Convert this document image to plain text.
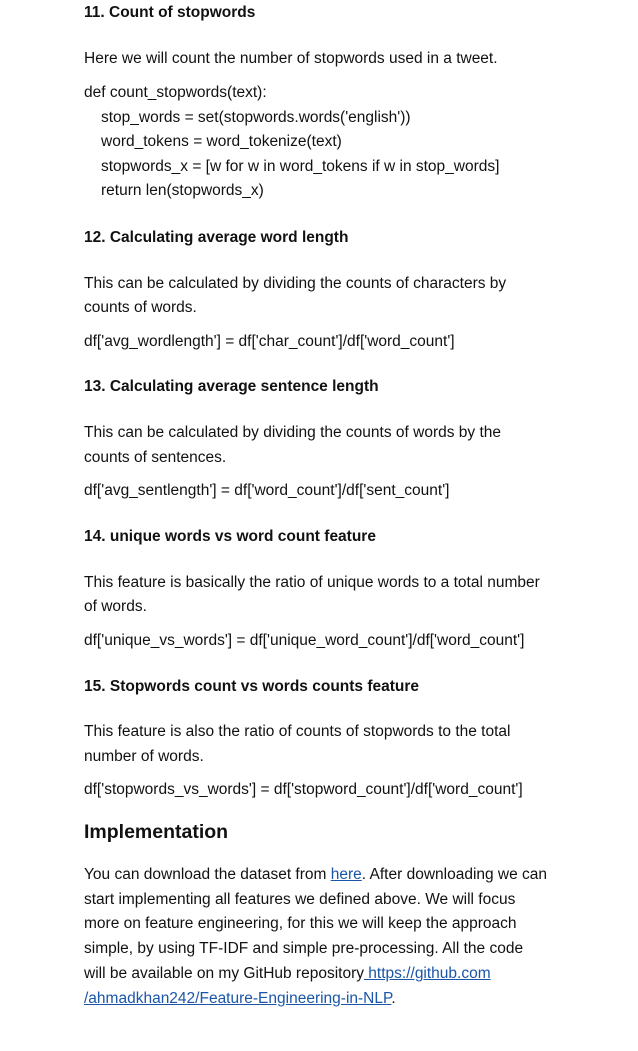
11. Count of stopwords
Here we will count the number of stopwords used in a tweet.
def count_stopwords(text):
stop_words = set(stopwords.words('english'))
word_tokens = word_tokenize(text)
stopwords_x = [w for w in word_tokens if w in stop_words]
return len(stopwords_x)
12. Calculating average word length
This can be calculated by dividing the counts of characters by
counts of words.
df['avg_wordlength'] = df['char_count']/df['word_count']
13. Calculating average sentence length
This can be calculated by dividing the counts of words by the
counts of sentences.
df['avg_sentlength'] = df['word_count']/df['sent_count']
14. unique words vs word count feature
This feature is basically the ratio of unique words to a total number
of words.
df['unique_vs_words'] = df['unique_word_count']/df['word_count']
15. Stopwords count vs words counts feature
This feature is also the ratio of counts of stopwords to the total
number of words.
df['stopwords_vs_words'] = df['stopword_count']/df['word_count']
Implementation
You can download the dataset from here. After downloading we can
start implementing all features we defined above. We will focus
more on feature engineering, for this we will keep the approach
simple, by using TF-IDF and simple pre-processing. All the code
will be available on my GitHub repository https://github.com
/ahmadkhan242/Feature-Engineering-in-NLP.
